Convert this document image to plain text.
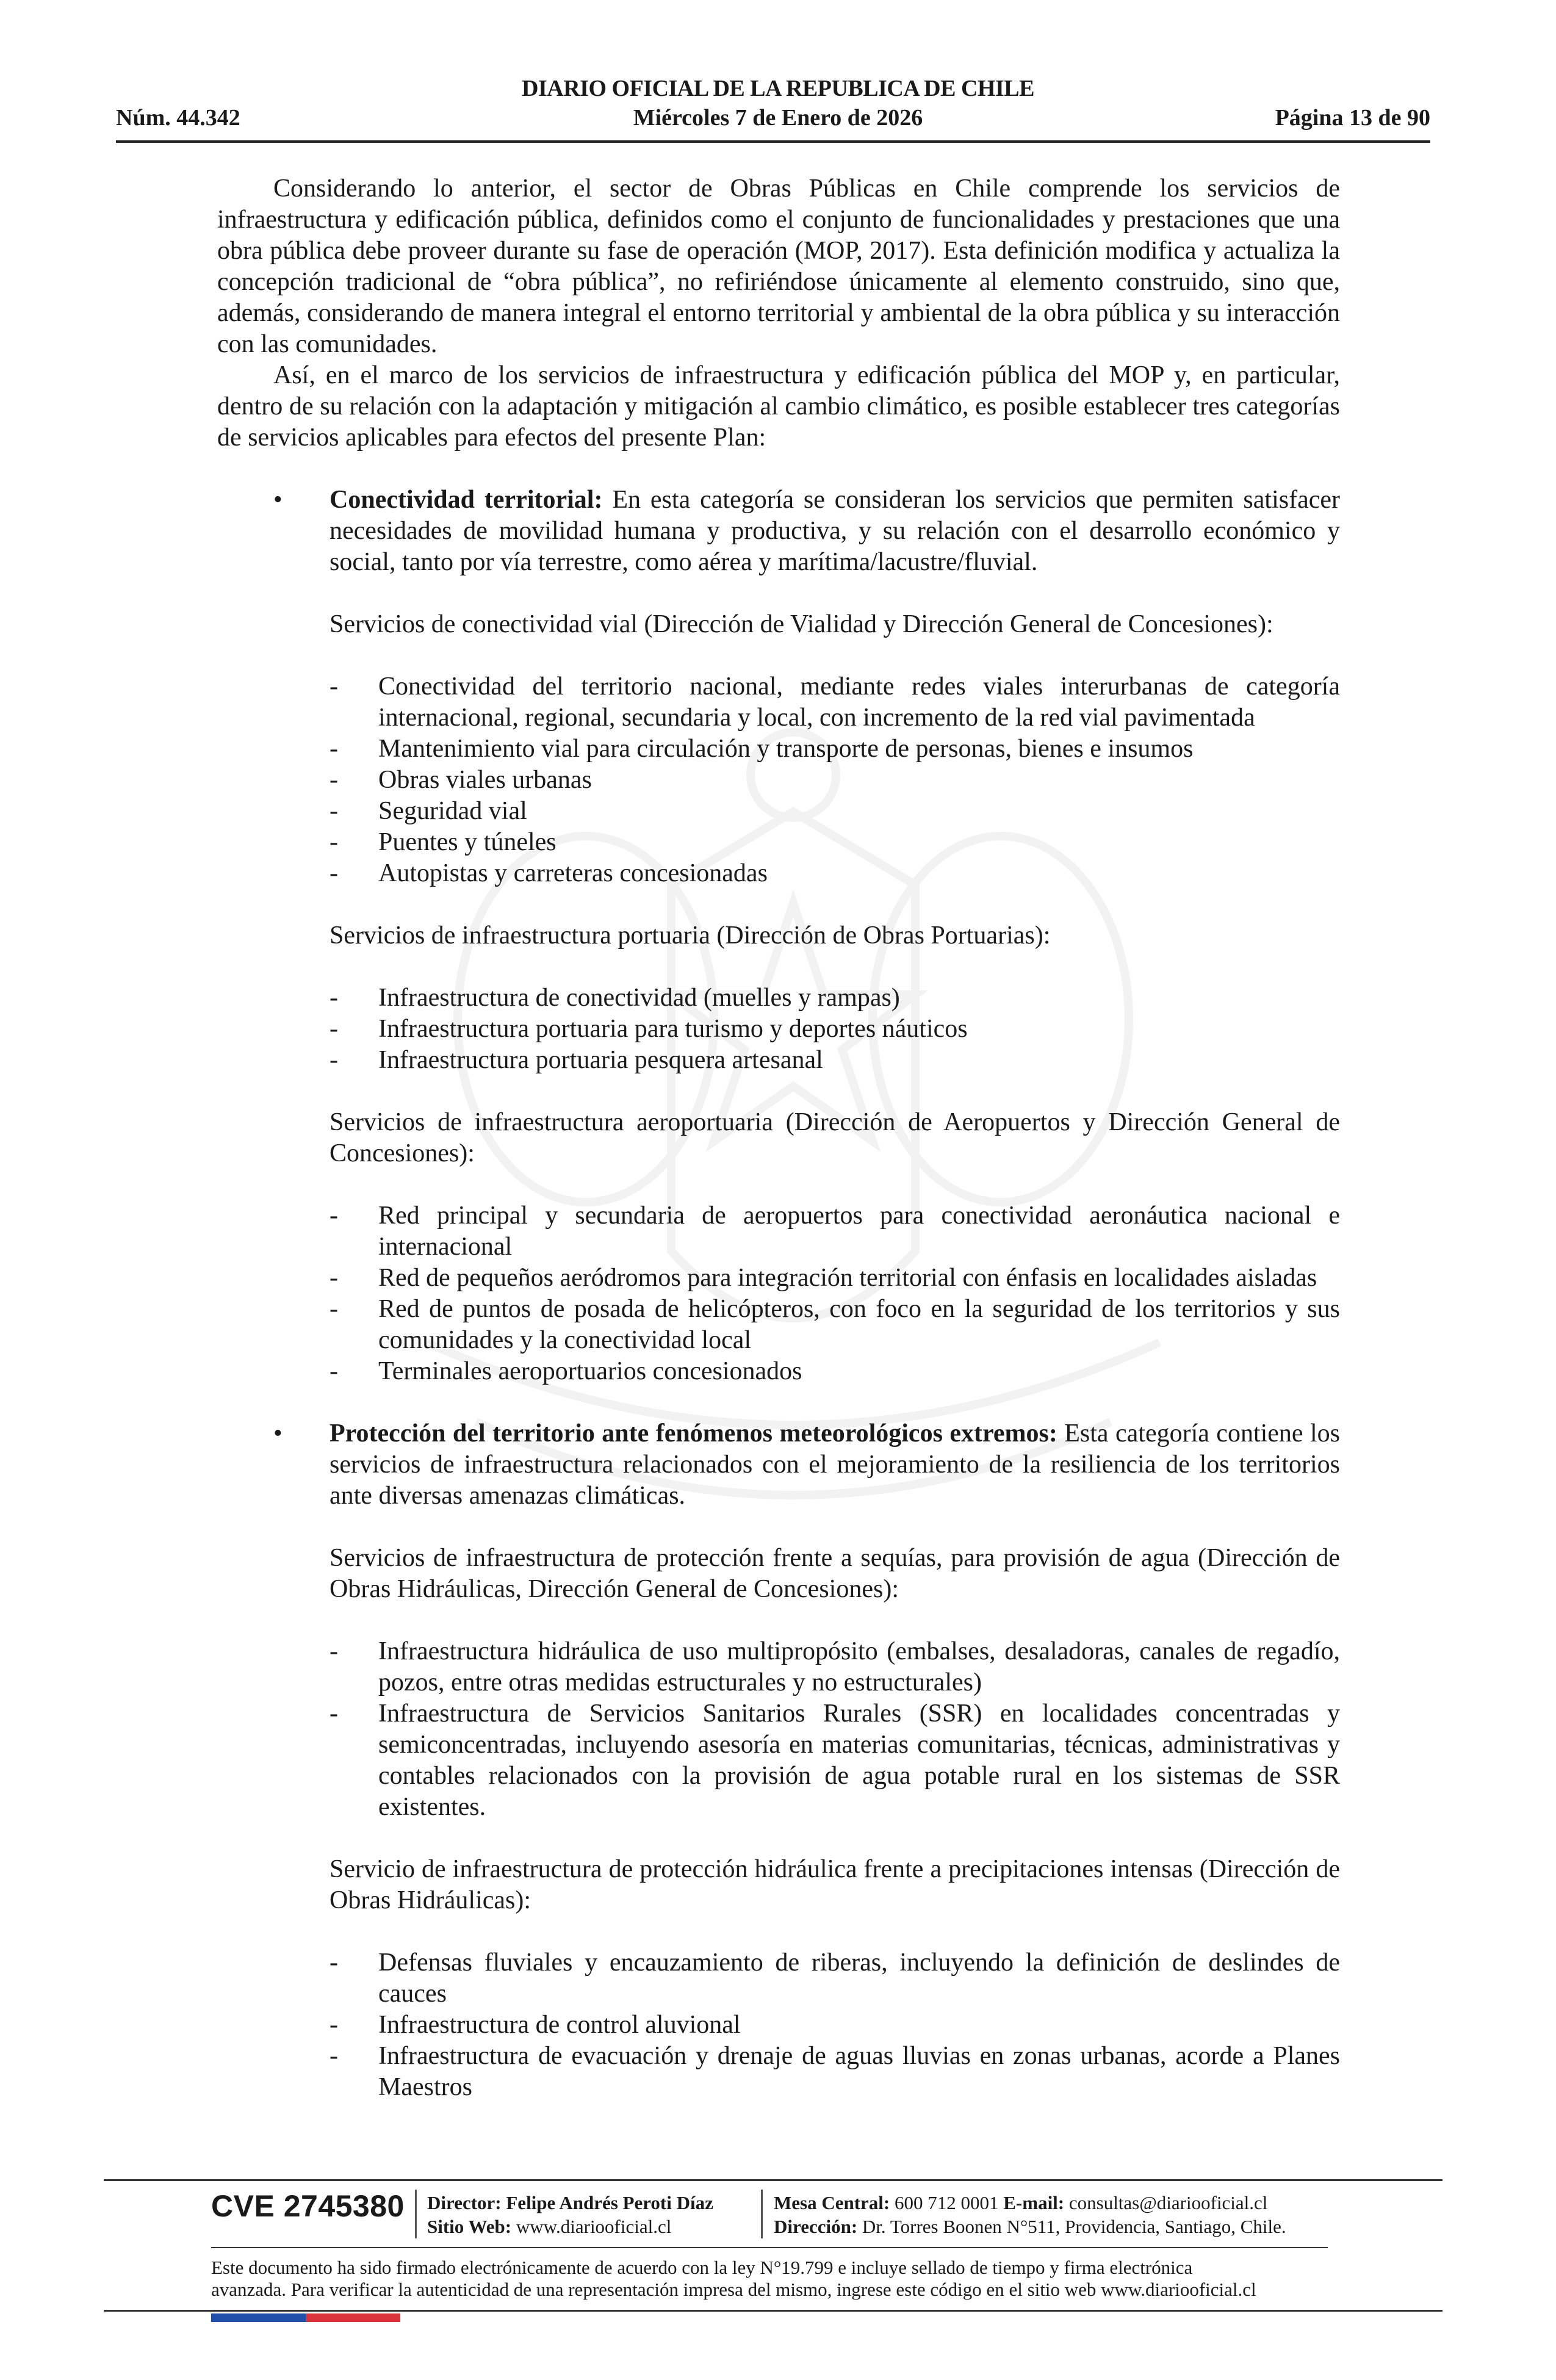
DIARIO OFICIAL DE LA REPUBLICA DE CHILE
Núm. 44.342	Miércoles 7 de Enero de 2026	Página 13 de 90

Considerando lo anterior, el sector de Obras Públicas en Chile comprende los servicios de infraestructura y edificación pública, definidos como el conjunto de funcionalidades y prestaciones que una obra pública debe proveer durante su fase de operación (MOP, 2017). Esta definición modifica y actualiza la concepción tradicional de “obra pública”, no refiriéndose únicamente al elemento construido, sino que, además, considerando de manera integral el entorno territorial y ambiental de la obra pública y su interacción con las comunidades.

Así, en el marco de los servicios de infraestructura y edificación pública del MOP y, en particular, dentro de su relación con la adaptación y mitigación al cambio climático, es posible establecer tres categorías de servicios aplicables para efectos del presente Plan:

• Conectividad territorial: En esta categoría se consideran los servicios que permiten satisfacer necesidades de movilidad humana y productiva, y su relación con el desarrollo económico y social, tanto por vía terrestre, como aérea y marítima/lacustre/fluvial.

Servicios de conectividad vial (Dirección de Vialidad y Dirección General de Concesiones):

- Conectividad del territorio nacional, mediante redes viales interurbanas de categoría internacional, regional, secundaria y local, con incremento de la red vial pavimentada
- Mantenimiento vial para circulación y transporte de personas, bienes e insumos
- Obras viales urbanas
- Seguridad vial
- Puentes y túneles
- Autopistas y carreteras concesionadas

Servicios de infraestructura portuaria (Dirección de Obras Portuarias):

- Infraestructura de conectividad (muelles y rampas)
- Infraestructura portuaria para turismo y deportes náuticos
- Infraestructura portuaria pesquera artesanal

Servicios de infraestructura aeroportuaria (Dirección de Aeropuertos y Dirección General de Concesiones):

- Red principal y secundaria de aeropuertos para conectividad aeronáutica nacional e internacional
- Red de pequeños aeródromos para integración territorial con énfasis en localidades aisladas
- Red de puntos de posada de helicópteros, con foco en la seguridad de los territorios y sus comunidades y la conectividad local
- Terminales aeroportuarios concesionados

• Protección del territorio ante fenómenos meteorológicos extremos: Esta categoría contiene los servicios de infraestructura relacionados con el mejoramiento de la resiliencia de los territorios ante diversas amenazas climáticas.

Servicios de infraestructura de protección frente a sequías, para provisión de agua (Dirección de Obras Hidráulicas, Dirección General de Concesiones):

- Infraestructura hidráulica de uso multipropósito (embalses, desaladoras, canales de regadío, pozos, entre otras medidas estructurales y no estructurales)
- Infraestructura de Servicios Sanitarios Rurales (SSR) en localidades concentradas y semiconcentradas, incluyendo asesoría en materias comunitarias, técnicas, administrativas y contables relacionados con la provisión de agua potable rural en los sistemas de SSR existentes.

Servicio de infraestructura de protección hidráulica frente a precipitaciones intensas (Dirección de Obras Hidráulicas):

- Defensas fluviales y encauzamiento de riberas, incluyendo la definición de deslindes de cauces
- Infraestructura de control aluvional
- Infraestructura de evacuación y drenaje de aguas lluvias en zonas urbanas, acorde a Planes Maestros
CVE 2745380 Director: Felipe Andrés Peroti Díaz
Sitio Web: www.diariooficial.cl
Mesa Central: 600 712 0001 E-mail: consultas@diariooficial.cl
Dirección: Dr. Torres Boonen N°511, Providencia, Santiago, Chile.
Este documento ha sido firmado electrónicamente de acuerdo con la ley N°19.799 e incluye sellado de tiempo y firma electrónica
avanzada. Para verificar la autenticidad de una representación impresa del mismo, ingrese este código en el sitio web www.diariooficial.cl
